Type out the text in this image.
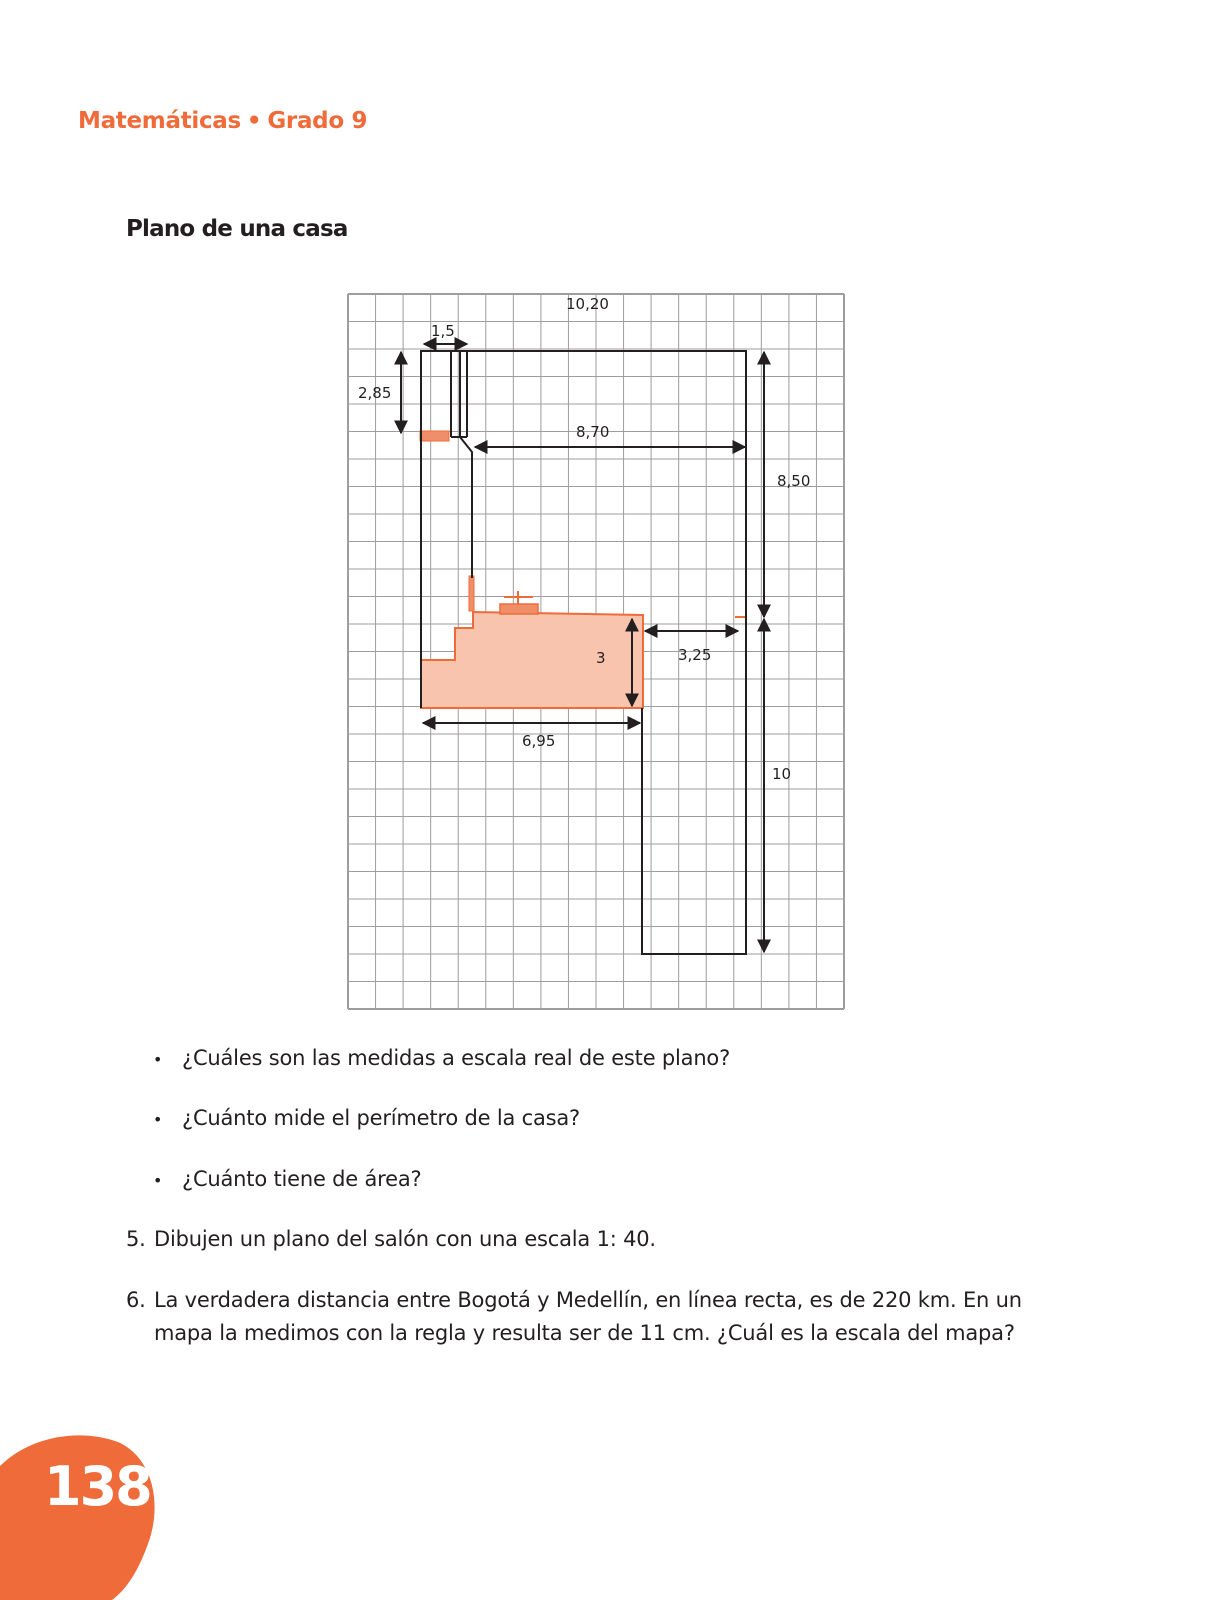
Matemáticas • Grado 9
Plano de una casa
10,20
1,5
2,85
8,70
8,50
3	3,25
6,95
10
• ¿Cuáles son las medidas a escala real de este plano?
• ¿Cuánto mide el perímetro de la casa?
• ¿Cuánto tiene de área?
5. Dibujen un plano del salón con una escala 1: 40.
6. La verdadera distancia entre Bogotá y Medellín, en línea recta, es de 220 km. En un
mapa la medimos con la regla y resulta ser de 11 cm. ¿Cuál es la escala del mapa?
138
